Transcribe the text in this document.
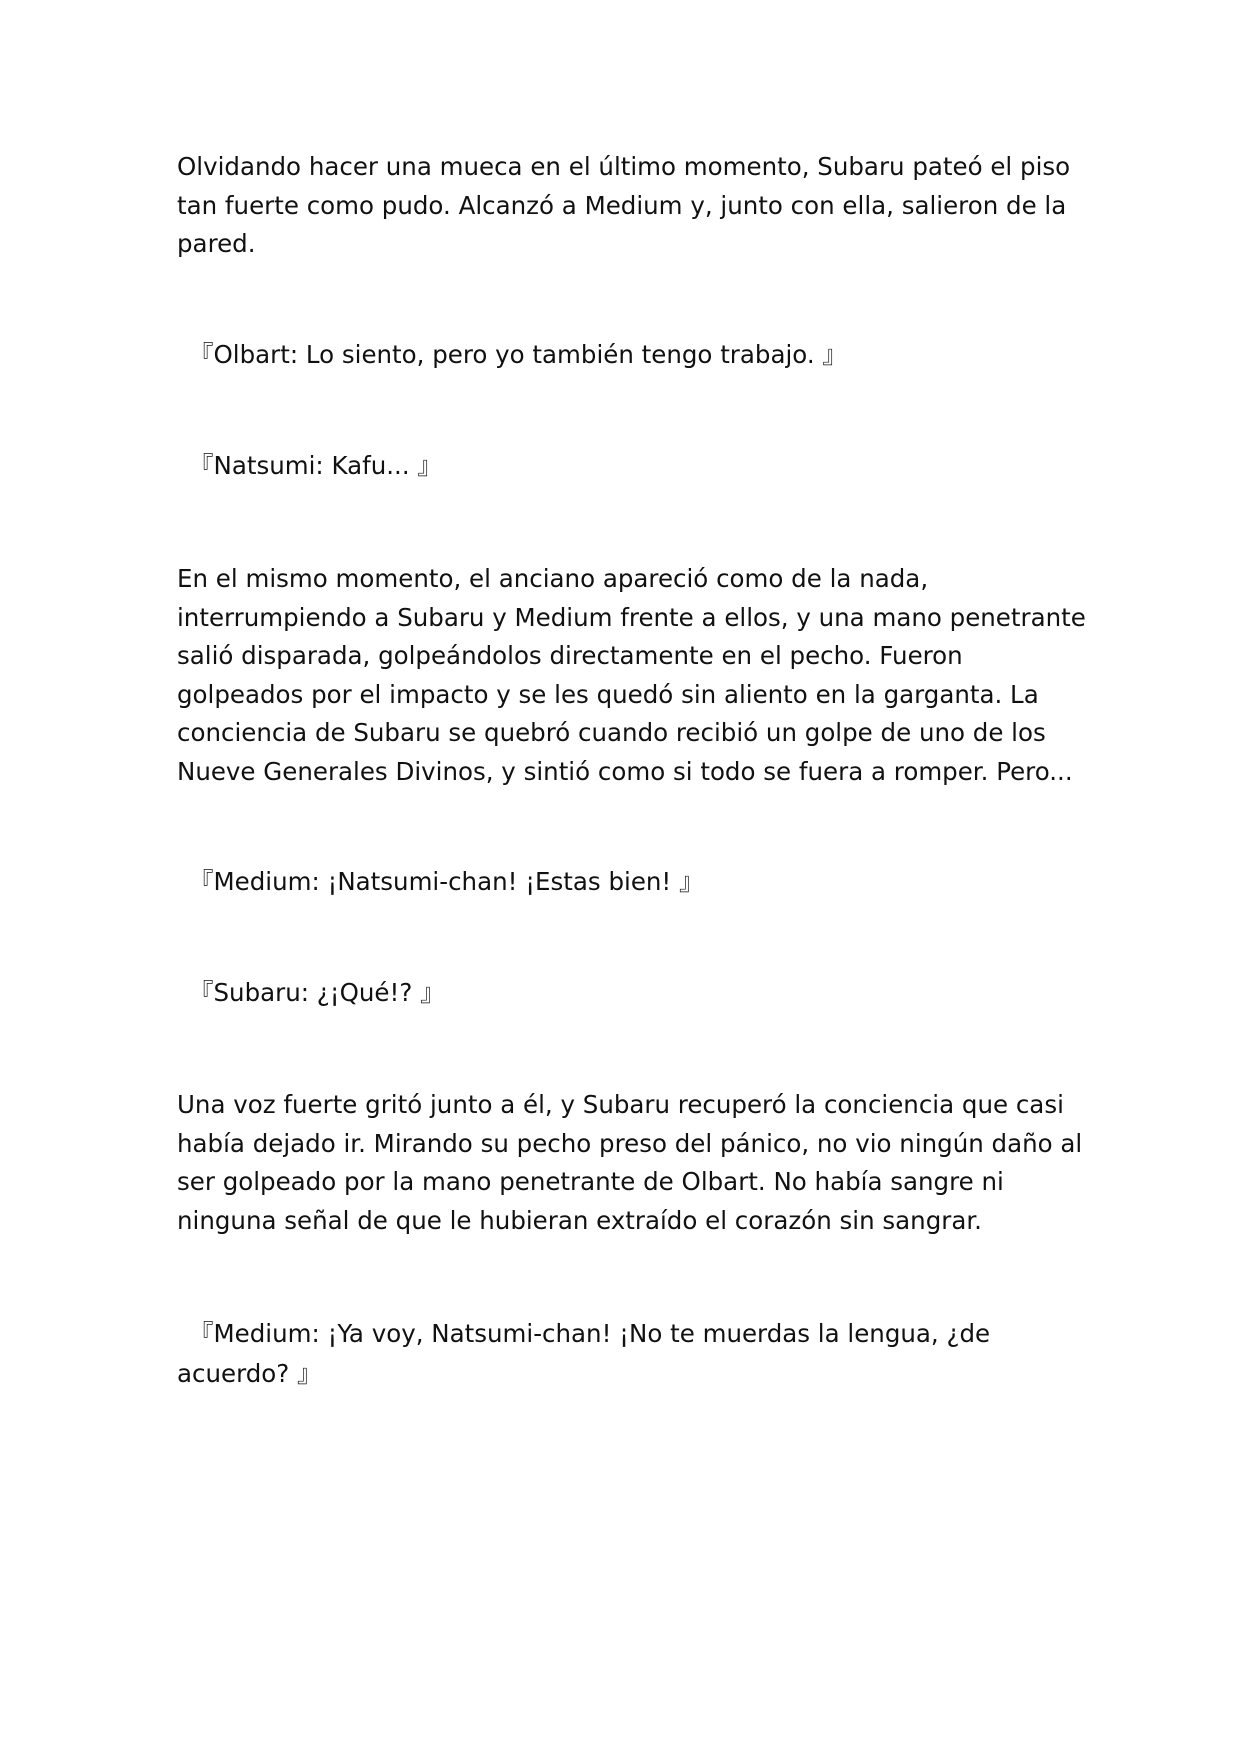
Olvidando hacer una mueca en el último momento, Subaru pateó el piso
tan fuerte como pudo. Alcanzó a Medium y, junto con ella, salieron de la
pared.
『Olbart: Lo siento, pero yo también tengo trabajo. 』
『Natsumi: Kafu... 』
En el mismo momento, el anciano apareció como de la nada,
interrumpiendo a Subaru y Medium frente a ellos, y una mano penetrante
salió disparada, golpeándolos directamente en el pecho. Fueron
golpeados por el impacto y se les quedó sin aliento en la garganta. La
conciencia de Subaru se quebró cuando recibió un golpe de uno de los
Nueve Generales Divinos, y sintió como si todo se fuera a romper. Pero...
『Medium: ¡Natsumi-chan! ¡Estas bien! 』
『Subaru: ¿¡Qué!? 』
Una voz fuerte gritó junto a él, y Subaru recuperó la conciencia que casi
había dejado ir. Mirando su pecho preso del pánico, no vio ningún daño al
ser golpeado por la mano penetrante de Olbart. No había sangre ni
ninguna señal de que le hubieran extraído el corazón sin sangrar.
『Medium: ¡Ya voy, Natsumi-chan! ¡No te muerdas la lengua, ¿de
acuerdo? 』
